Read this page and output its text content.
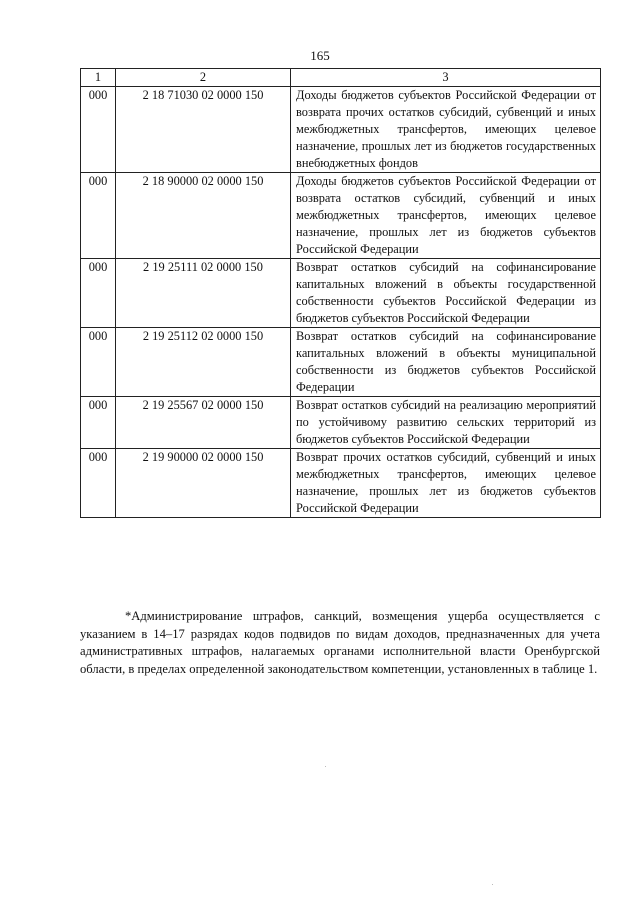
165
1	2	3
000	2 18 71030 02 0000 150	Доходы бюджетов субъектов Российской Федерации от возврата прочих остатков субсидий, субвенций и иных межбюджетных трансфертов, имеющих целевое назначение, прошлых лет из бюджетов государственных внебюджетных фондов
000	2 18 90000 02 0000 150	Доходы бюджетов субъектов Российской Федерации от возврата остатков субсидий, субвенций и иных межбюджетных трансфертов, имеющих целевое назначение, прошлых лет из бюджетов субъектов Российской Федерации
000	2 19 25111 02 0000 150	Возврат остатков субсидий на софинансирование капитальных вложений в объекты государственной собственности субъектов Российской Федерации из бюджетов субъектов Российской Федерации
000	2 19 25112 02 0000 150	Возврат остатков субсидий на софинансирование капитальных вложений в объекты муниципальной собственности из бюджетов субъектов Российской Федерации
000	2 19 25567 02 0000 150	Возврат остатков субсидий на реализацию мероприятий по устойчивому развитию сельских территорий из бюджетов субъектов Российской Федерации
000	2 19 90000 02 0000 150	Возврат прочих остатков субсидий, субвенций и иных межбюджетных трансфертов, имеющих целевое назначение, прошлых лет из бюджетов субъектов Российской Федерации

*Администрирование штрафов, санкций, возмещения ущерба осуществляется с указанием в 14–17 разрядах кодов подвидов по видам доходов, предназначенных для учета административных штрафов, налагаемых органами исполнительной власти Оренбургской области, в пределах определенной законодательством компетенции, установленных в таблице 1.
